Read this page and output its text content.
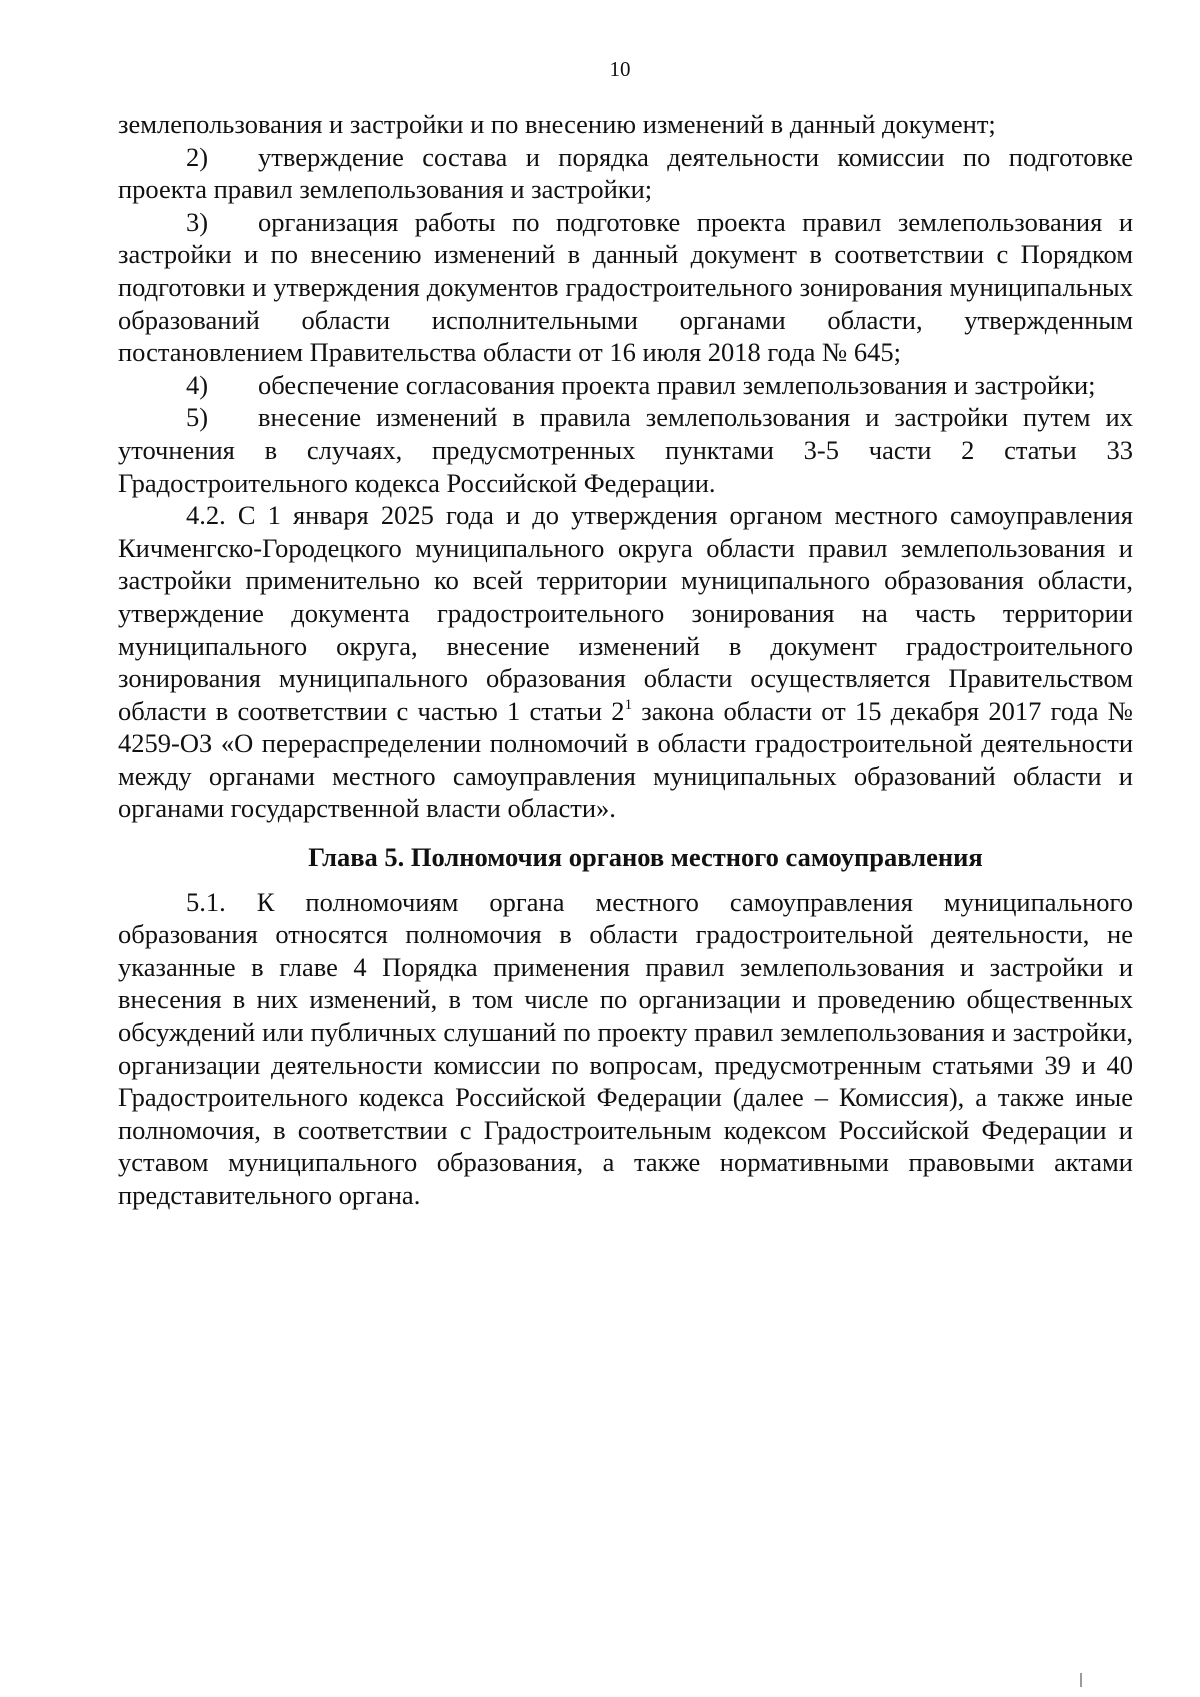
10

землепользования и застройки и по внесению изменений в данный документ;

2) утверждение состава и порядка деятельности комиссии по подготовке проекта правил землепользования и застройки;

3) организация работы по подготовке проекта правил землепользования и застройки и по внесению изменений в данный документ в соответствии с Порядком подготовки и утверждения документов градостроительного зонирования муниципальных образований области исполнительными органами области, утвержденным постановлением Правительства области от 16 июля 2018 года № 645;

4) обеспечение согласования проекта правил землепользования и застройки;

5) внесение изменений в правила землепользования и застройки путем их уточнения в случаях, предусмотренных пунктами 3-5 части 2 статьи 33 Градостроительного кодекса Российской Федерации.

4.2. С 1 января 2025 года и до утверждения органом местного самоуправления Кичменгско-Городецкого муниципального округа области правил землепользования и застройки применительно ко всей территории муниципального образования области, утверждение документа градостроительного зонирования на часть территории муниципального округа, внесение изменений в документ градостроительного зонирования муниципального образования области осуществляется Правительством области в соответствии с частью 1 статьи $2^1$ закона области от 15 декабря 2017 года № 4259-ОЗ «О перераспределении полномочий в области градостроительной деятельности между органами местного самоуправления муниципальных образований области и органами государственной власти области».

Глава 5. Полномочия органов местного самоуправления

5.1. К полномочиям органа местного самоуправления муниципального образования относятся полномочия в области градостроительной деятельности, не указанные в главе 4 Порядка применения правил землепользования и застройки и внесения в них изменений, в том числе по организации и проведению общественных обсуждений или публичных слушаний по проекту правил землепользования и застройки, организации деятельности комиссии по вопросам, предусмотренным статьями 39 и 40 Градостроительного кодекса Российской Федерации (далее – Комиссия), а также иные полномочия, в соответствии с Градостроительным кодексом Российской Федерации и уставом муниципального образования, а также нормативными правовыми актами представительного органа.
